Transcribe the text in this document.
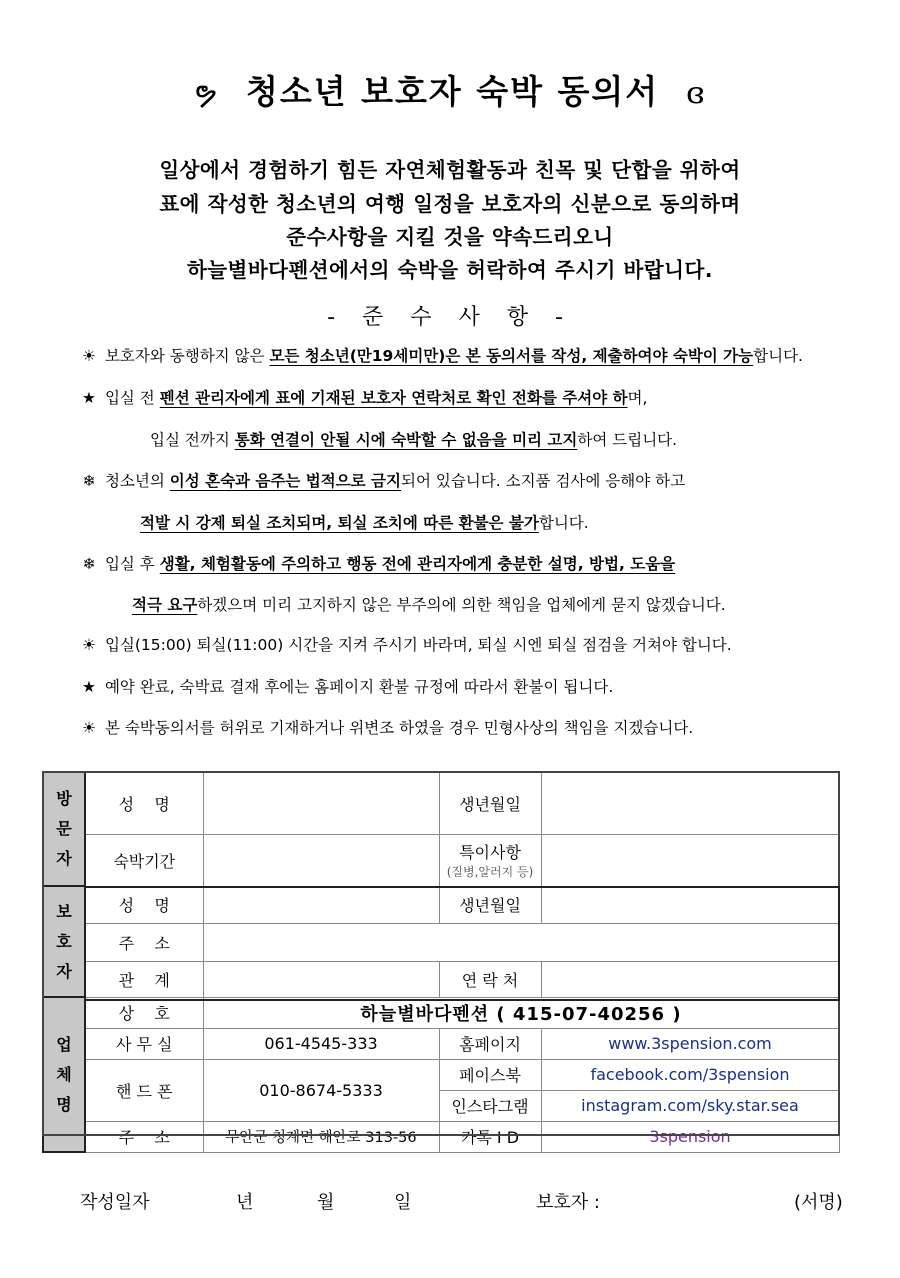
ຯ 청소년 보호자 숙박 동의서 ɞ
일상에서 경험하기 힘든 자연체험활동과 친목 및 단합을 위하여
표에 작성한 청소년의 여행 일정을 보호자의 신분으로 동의하며
준수사항을 지킬 것을 약속드리오니
하늘별바다펜션에서의 숙박을 허락하여 주시기 바랍니다.
- 준 수 사 항 -
☀ 보호자와 동행하지 않은 모든 청소년(만19세미만)은 본 동의서를 작성, 제출하여야 숙박이 가능합니다.
★ 입실 전 펜션 관리자에게 표에 기재된 보호자 연락처로 확인 전화를 주셔야 하며,
입실 전까지 통화 연결이 안될 시에 숙박할 수 없음을 미리 고지하여 드립니다.
❄ 청소년의 이성 혼숙과 음주는 법적으로 금지되어 있습니다. 소지품 검사에 응해야 하고
적발 시 강제 퇴실 조치되며, 퇴실 조치에 따른 환불은 불가합니다.
❄ 입실 후 생활, 체험활동에 주의하고 행동 전에 관리자에게 충분한 설명, 방법, 도움을
적극 요구하겠으며 미리 고지하지 않은 부주의에 의한 책임을 업체에게 묻지 않겠습니다.
☀ 입실(15:00) 퇴실(11:00) 시간을 지켜 주시기 바라며, 퇴실 시엔 퇴실 점검을 거쳐야 합니다.
★ 예약 완료, 숙박료 결재 후에는 홈페이지 환불 규정에 따라서 환불이 됩니다.
☀ 본 숙박동의서를 허위로 기재하거나 위변조 하였을 경우 민형사상의 책임을 지겠습니다.
방
문
자	성    명		생년월일	
	숙박기간		특이사항
(질병,알러지 등)	

보
호
자	성    명		생년월일	
	주    소			
	관    계		연 락 처	

업
체
명	상    호	하늘별바다펜션 ( 415-07-40256 )		
	사 무 실	061-4545-333	홈페이지	www.3spension.com
	핸 드 폰	010-8674-5333	페이스북	facebook.com/3spension
			인스타그램	instagram.com/sky.star.sea
	주    소	무안군 청계면 해안로 313-56	카톡 I D	3spension
작성일자	년	월	일	보호자 :	(서명)
